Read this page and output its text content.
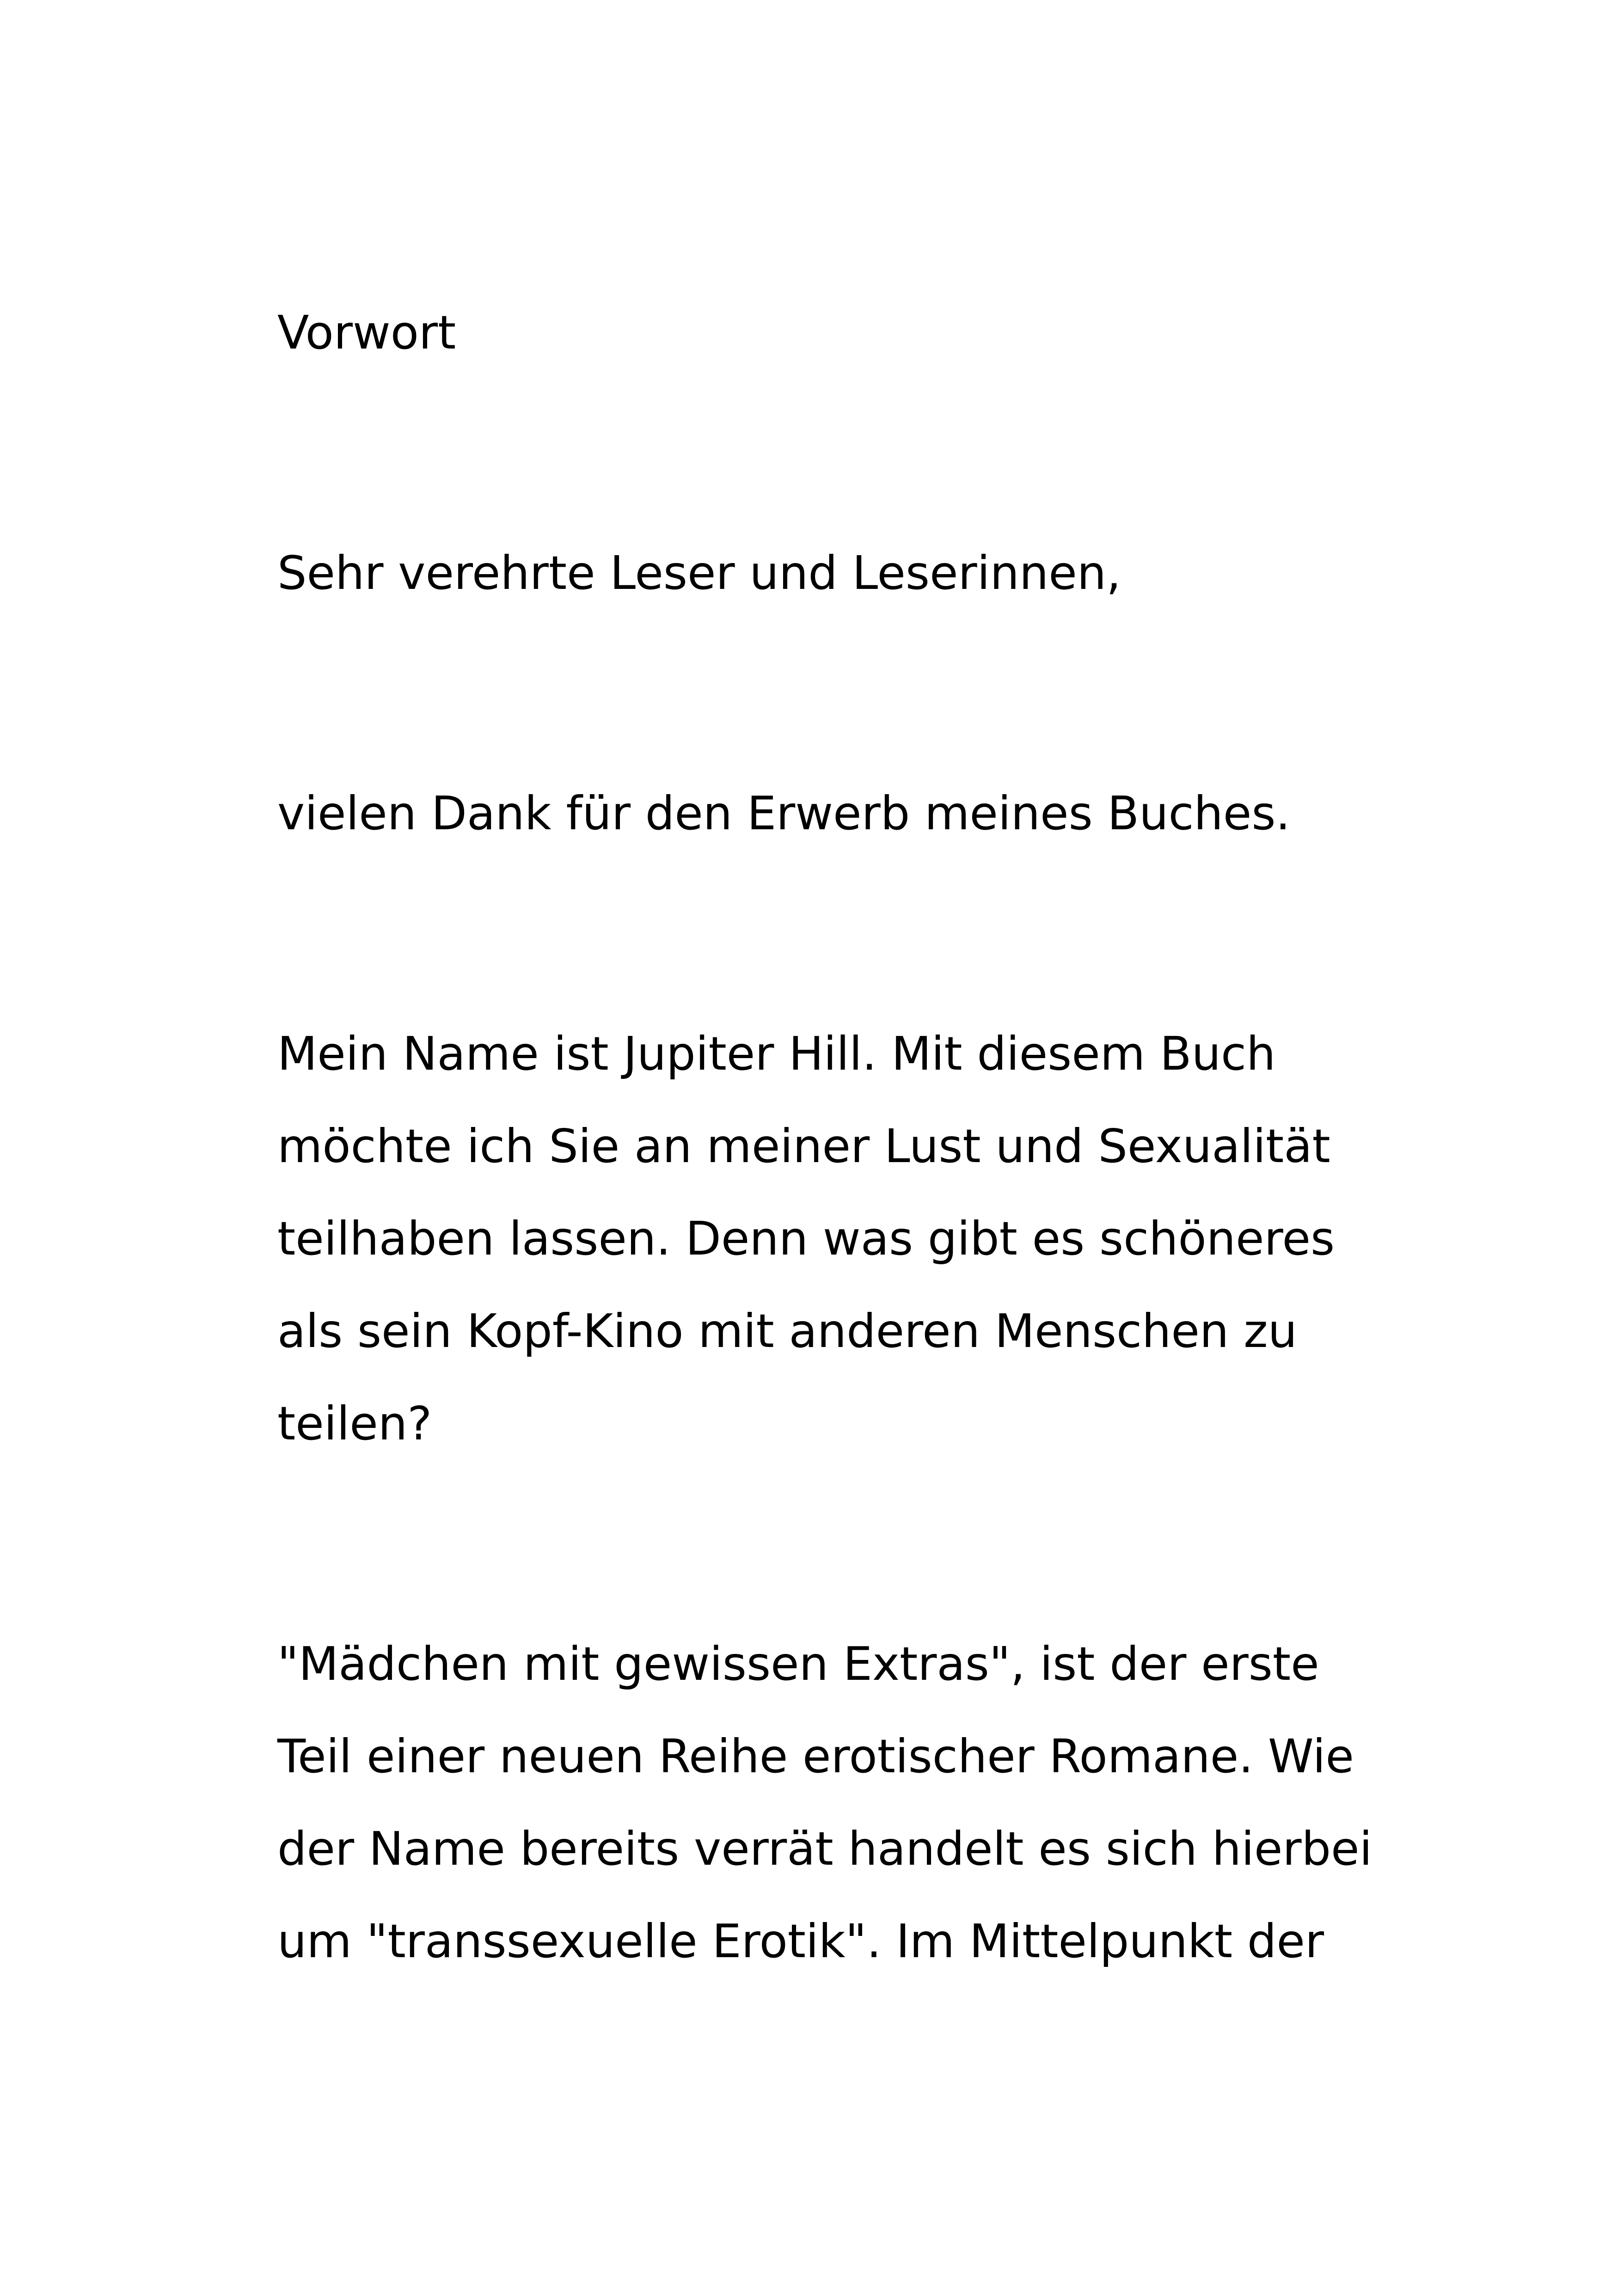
Vorwort
Sehr verehrte Leser und Leserinnen,
vielen Dank für den Erwerb meines Buches.
Mein Name ist Jupiter Hill. Mit diesem Buch
möchte ich Sie an meiner Lust und Sexualität
teilhaben lassen. Denn was gibt es schöneres
als sein Kopf-Kino mit anderen Menschen zu
teilen?
"Mädchen mit gewissen Extras", ist der erste
Teil einer neuen Reihe erotischer Romane. Wie
der Name bereits verrät handelt es sich hierbei
um "transsexuelle Erotik". Im Mittelpunkt der
